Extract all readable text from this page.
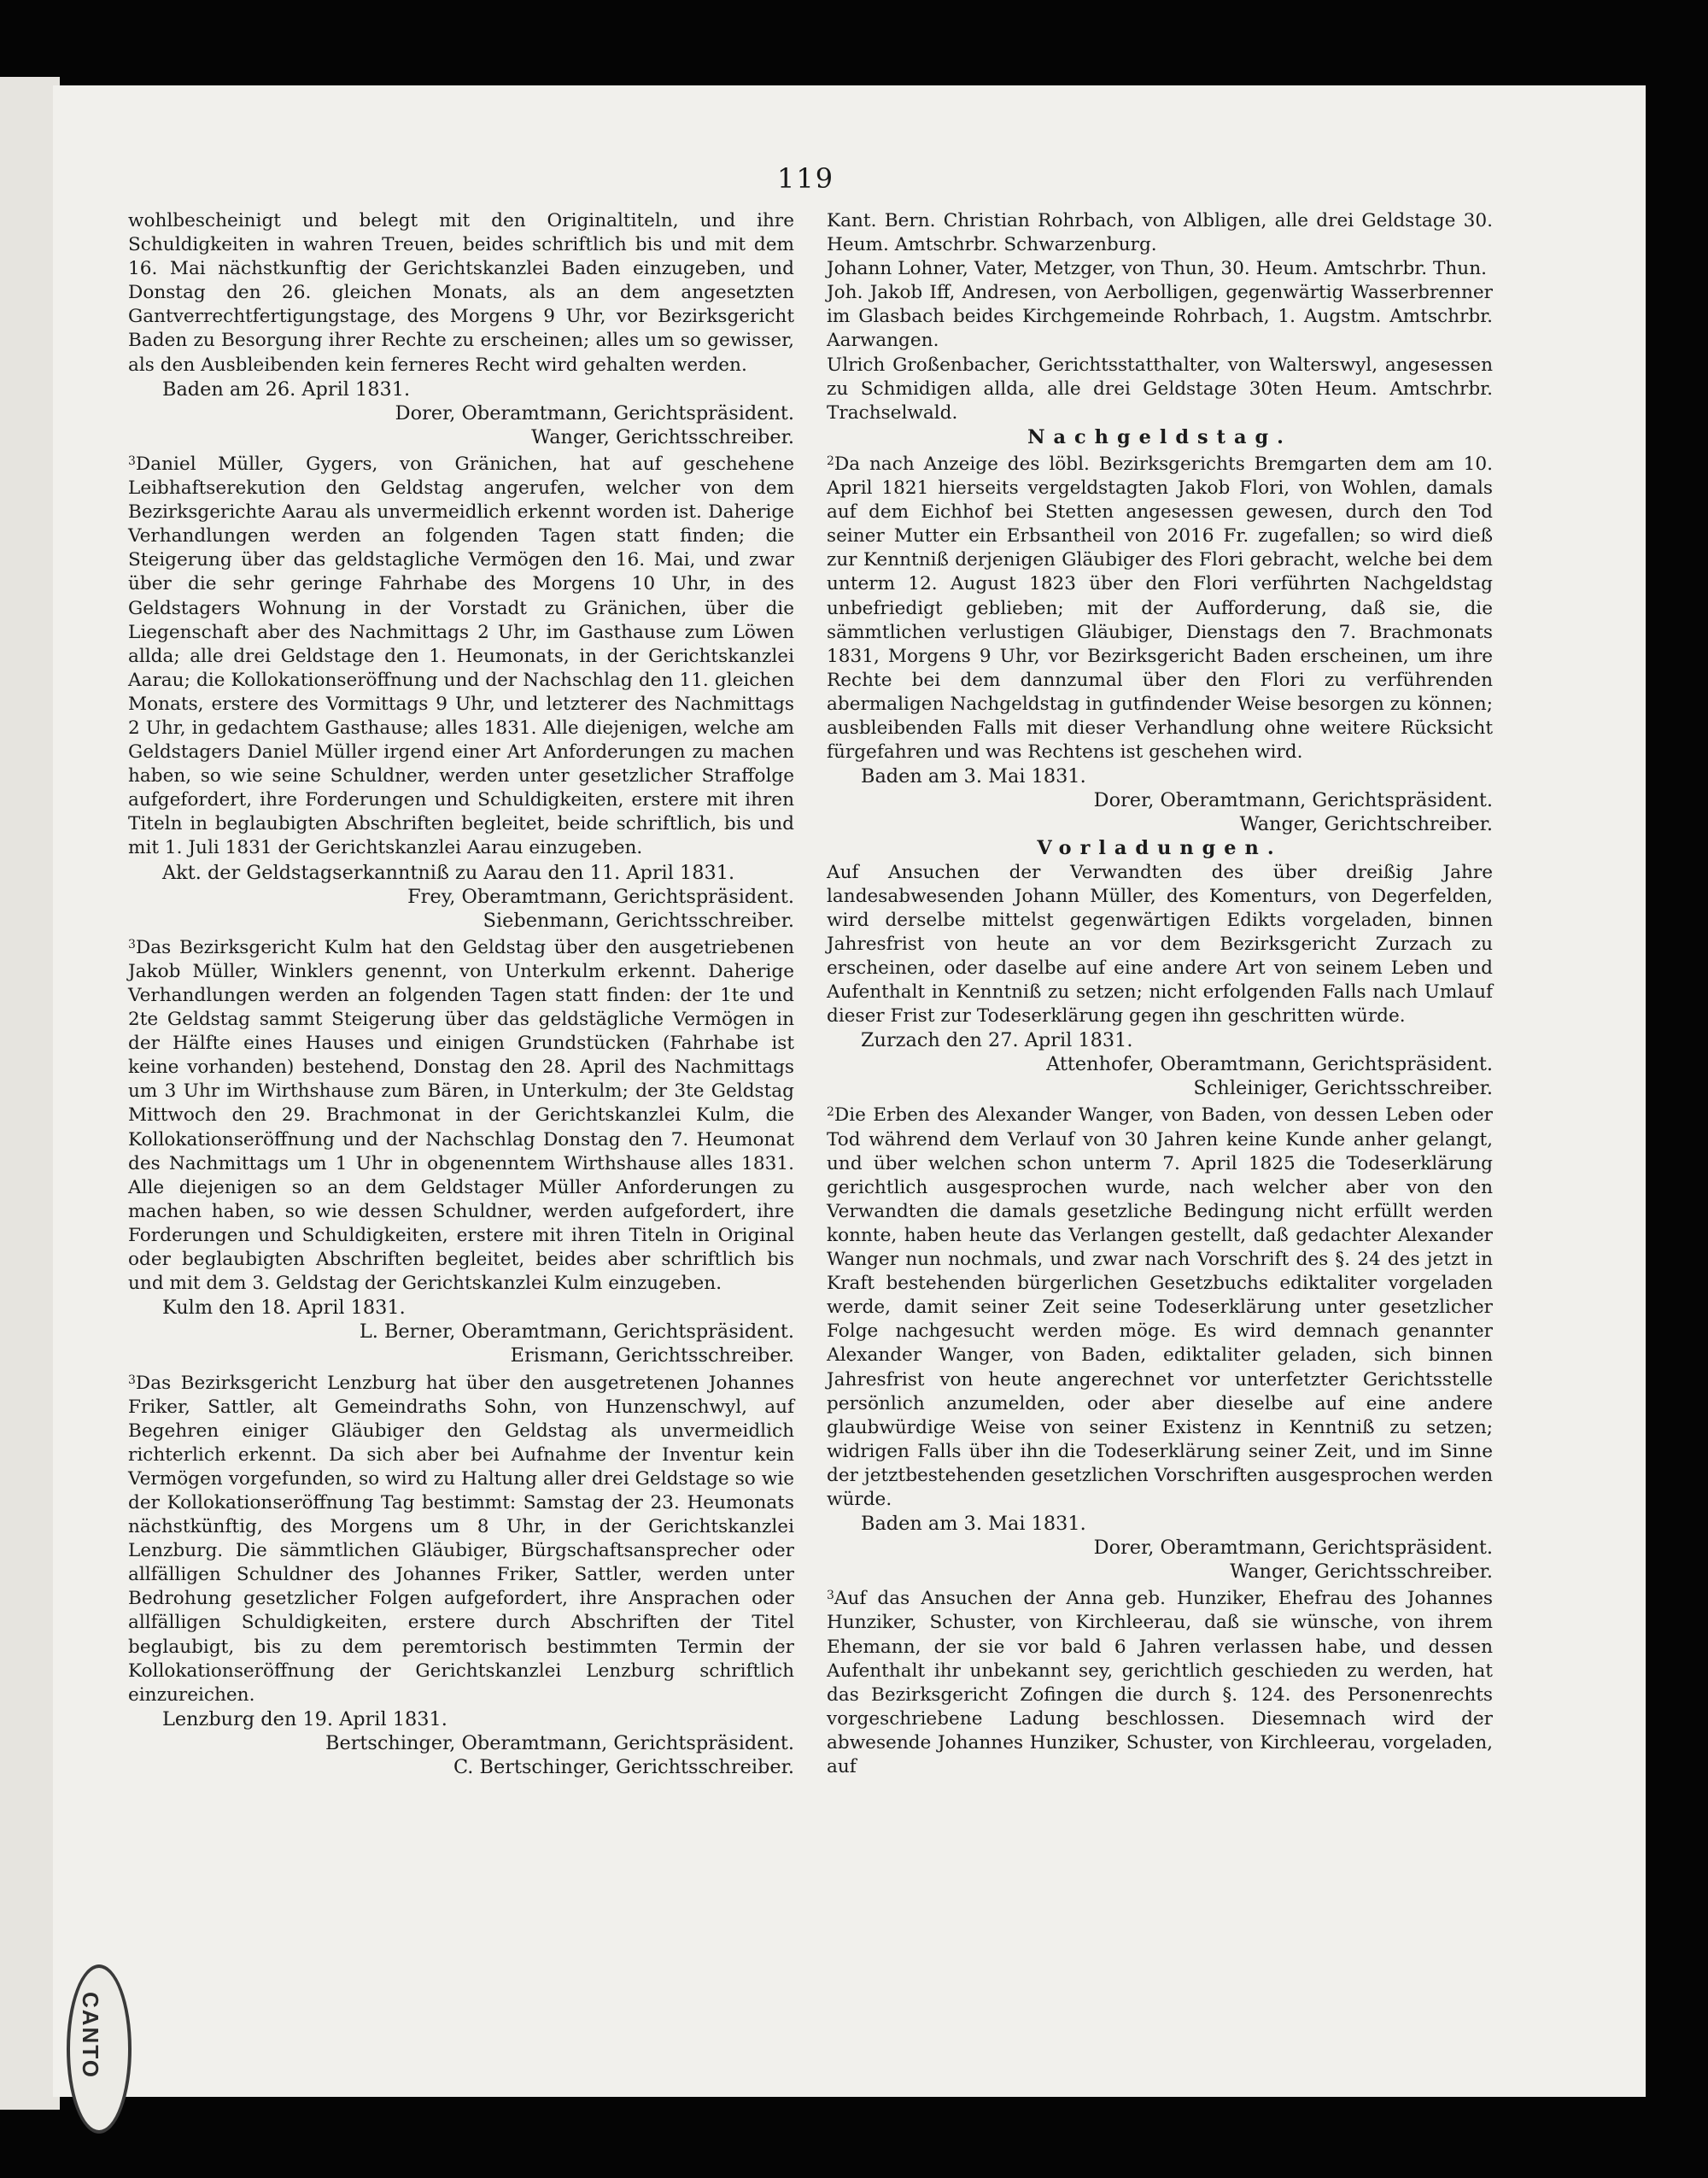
CANTO
119

wohlbescheinigt und belegt mit den Originaltiteln, und ihre Schuldigkeiten in wahren Treuen, beides schriftlich bis und mit dem 16. Mai nächstkunftig der Gerichtskanzlei Baden einzugeben, und Donstag den 26. gleichen Monats, als an dem angesetzten Gantverrechtfertigungstage, des Morgens 9 Uhr, vor Bezirksgericht Baden zu Besorgung ihrer Rechte zu erscheinen; alles um so gewisser, als den Ausbleibenden kein ferneres Recht wird gehalten werden.

Baden am 26. April 1831.

Dorer, Oberamtmann, Gerichtspräsident.

Wanger, Gerichtsschreiber.

$^3$Daniel Müller, Gygers, von Gränichen, hat auf geschehene Leibhaftserekution den Geldstag angerufen, welcher von dem Bezirksgerichte Aarau als unvermeidlich erkennt worden ist. Daherige Verhandlungen werden an folgenden Tagen statt finden; die Steigerung über das geldstagliche Vermögen den 16. Mai, und zwar über die sehr geringe Fahrhabe des Morgens 10 Uhr, in des Geldstagers Wohnung in der Vorstadt zu Gränichen, über die Liegenschaft aber des Nachmittags 2 Uhr, im Gasthause zum Löwen allda; alle drei Geldstage den 1. Heumonats, in der Gerichtskanzlei Aarau; die Kollokationseröffnung und der Nachschlag den 11. gleichen Monats, erstere des Vormittags 9 Uhr, und letzterer des Nachmittags 2 Uhr, in gedachtem Gasthause; alles 1831. Alle diejenigen, welche am Geldstagers Daniel Müller irgend einer Art Anforderungen zu machen haben, so wie seine Schuldner, werden unter gesetzlicher Straffolge aufgefordert, ihre Forderungen und Schuldigkeiten, erstere mit ihren Titeln in beglaubigten Abschriften begleitet, beide schriftlich, bis und mit 1. Juli 1831 der Gerichtskanzlei Aarau einzugeben.

Akt. der Geldstagserkanntniß zu Aarau den 11. April 1831.

Frey, Oberamtmann, Gerichtspräsident.

Siebenmann, Gerichtsschreiber.

$^3$Das Bezirksgericht Kulm hat den Geldstag über den ausgetriebenen Jakob Müller, Winklers genennt, von Unterkulm erkennt. Daherige Verhandlungen werden an folgenden Tagen statt finden: der 1te und 2te Geldstag sammt Steigerung über das geldstägliche Vermögen in der Hälfte eines Hauses und einigen Grundstücken (Fahrhabe ist keine vorhanden) bestehend, Donstag den 28. April des Nachmittags um 3 Uhr im Wirthshause zum Bären, in Unterkulm; der 3te Geldstag Mittwoch den 29. Brachmonat in der Gerichtskanzlei Kulm, die Kollokationseröffnung und der Nachschlag Donstag den 7. Heumonat des Nachmittags um 1 Uhr in obgenenntem Wirthshause alles 1831. Alle diejenigen so an dem Geldstager Müller Anforderungen zu machen haben, so wie dessen Schuldner, werden aufgefordert, ihre Forderungen und Schuldigkeiten, erstere mit ihren Titeln in Original oder beglaubigten Abschriften begleitet, beides aber schriftlich bis und mit dem 3. Geldstag der Gerichtskanzlei Kulm einzugeben.

Kulm den 18. April 1831.

L. Berner, Oberamtmann, Gerichtspräsident.

Erismann, Gerichtsschreiber.

$^3$Das Bezirksgericht Lenzburg hat über den ausgetretenen Johannes Friker, Sattler, alt Gemeindraths Sohn, von Hunzenschwyl, auf Begehren einiger Gläubiger den Geldstag als unvermeidlich richterlich erkennt. Da sich aber bei Aufnahme der Inventur kein Vermögen vorgefunden, so wird zu Haltung aller drei Geldstage so wie der Kollokationseröffnung Tag bestimmt: Samstag der 23. Heumonats nächstkünftig, des Morgens um 8 Uhr, in der Gerichtskanzlei Lenzburg. Die sämmtlichen Gläubiger, Bürgschaftsansprecher oder allfälligen Schuldner des Johannes Friker, Sattler, werden unter Bedrohung gesetzlicher Folgen aufgefordert, ihre Ansprachen oder allfälligen Schuldigkeiten, erstere durch Abschriften der Titel beglaubigt, bis zu dem peremtorisch bestimmten Termin der Kollokationseröffnung der Gerichtskanzlei Lenzburg schriftlich einzureichen.

Lenzburg den 19. April 1831.

Bertschinger, Oberamtmann, Gerichtspräsident.

C. Bertschinger, Gerichtsschreiber.

Kant. Bern. Christian Rohrbach, von Albligen, alle drei Geldstage 30. Heum. Amtschrbr. Schwarzenburg.

Johann Lohner, Vater, Metzger, von Thun, 30. Heum. Amtschrbr. Thun.

Joh. Jakob Iff, Andresen, von Aerbolligen, gegenwärtig Wasserbrenner im Glasbach beides Kirchgemeinde Rohrbach, 1. Augstm. Amtschrbr. Aarwangen.

Ulrich Großenbacher, Gerichtsstatthalter, von Walterswyl, angesessen zu Schmidigen allda, alle drei Geldstage 30ten Heum. Amtschrbr. Trachselwald.

Nachgeldstag.

$^2$Da nach Anzeige des löbl. Bezirksgerichts Bremgarten dem am 10. April 1821 hierseits vergeldstagten Jakob Flori, von Wohlen, damals auf dem Eichhof bei Stetten angesessen gewesen, durch den Tod seiner Mutter ein Erbsantheil von 2016 Fr. zugefallen; so wird dieß zur Kenntniß derjenigen Gläubiger des Flori gebracht, welche bei dem unterm 12. August 1823 über den Flori verführten Nachgeldstag unbefriedigt geblieben; mit der Aufforderung, daß sie, die sämmtlichen verlustigen Gläubiger, Dienstags den 7. Brachmonats 1831, Morgens 9 Uhr, vor Bezirksgericht Baden erscheinen, um ihre Rechte bei dem dannzumal über den Flori zu verführenden abermaligen Nachgeldstag in gutfindender Weise besorgen zu können; ausbleibenden Falls mit dieser Verhandlung ohne weitere Rücksicht fürgefahren und was Rechtens ist geschehen wird.

Baden am 3. Mai 1831.

Dorer, Oberamtmann, Gerichtspräsident.

Wanger, Gerichtschreiber.

Vorladungen.

Auf Ansuchen der Verwandten des über dreißig Jahre landesabwesenden Johann Müller, des Komenturs, von Degerfelden, wird derselbe mittelst gegenwärtigen Edikts vorgeladen, binnen Jahresfrist von heute an vor dem Bezirksgericht Zurzach zu erscheinen, oder daselbe auf eine andere Art von seinem Leben und Aufenthalt in Kenntniß zu setzen; nicht erfolgenden Falls nach Umlauf dieser Frist zur Todeserklärung gegen ihn geschritten würde.

Zurzach den 27. April 1831.

Attenhofer, Oberamtmann, Gerichtspräsident.

Schleiniger, Gerichtsschreiber.

$^2$Die Erben des Alexander Wanger, von Baden, von dessen Leben oder Tod während dem Verlauf von 30 Jahren keine Kunde anher gelangt, und über welchen schon unterm 7. April 1825 die Todeserklärung gerichtlich ausgesprochen wurde, nach welcher aber von den Verwandten die damals gesetzliche Bedingung nicht erfüllt werden konnte, haben heute das Verlangen gestellt, daß gedachter Alexander Wanger nun nochmals, und zwar nach Vorschrift des §. 24 des jetzt in Kraft bestehenden bürgerlichen Gesetzbuchs ediktaliter vorgeladen werde, damit seiner Zeit seine Todeserklärung unter gesetzlicher Folge nachgesucht werden möge. Es wird demnach genannter Alexander Wanger, von Baden, ediktaliter geladen, sich binnen Jahresfrist von heute angerechnet vor unterfetzter Gerichtsstelle persönlich anzumelden, oder aber dieselbe auf eine andere glaubwürdige Weise von seiner Existenz in Kenntniß zu setzen; widrigen Falls über ihn die Todeserklärung seiner Zeit, und im Sinne der jetztbestehenden gesetzlichen Vorschriften ausgesprochen werden würde.

Baden am 3. Mai 1831.

Dorer, Oberamtmann, Gerichtspräsident.

Wanger, Gerichtsschreiber.

$^3$Auf das Ansuchen der Anna geb. Hunziker, Ehefrau des Johannes Hunziker, Schuster, von Kirchleerau, daß sie wünsche, von ihrem Ehemann, der sie vor bald 6 Jahren verlassen habe, und dessen Aufenthalt ihr unbekannt sey, gerichtlich geschieden zu werden, hat das Bezirksgericht Zofingen die durch §. 124. des Personenrechts vorgeschriebene Ladung beschlossen. Diesemnach wird der abwesende Johannes Hunziker, Schuster, von Kirchleerau, vorgeladen, auf
